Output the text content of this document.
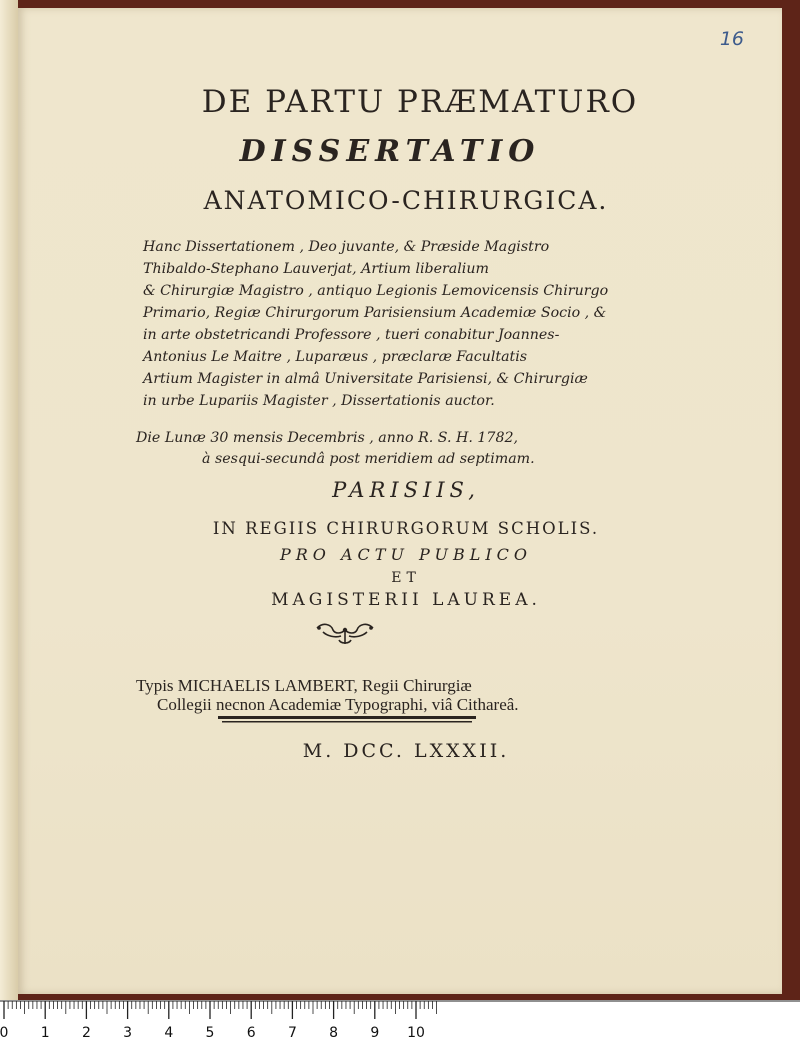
16
DE PARTU PRÆMATURO
DISSERTATIO
ANATOMICO-CHIRURGICA.
Hanc Dissertationem , Deo juvante, & Præside Magistro
Thibaldo-Stephano Lauverjat, Artium liberalium
& Chirurgiæ Magistro , antiquo Legionis Lemovicensis Chirurgo
Primario, Regiæ Chirurgorum Parisiensium Academiæ Socio , &
in arte obstetricandi Professore , tueri conabitur Joannes-
Antonius Le Maitre , Luparæus , præclaræ Facultatis
Artium Magister in almâ Universitate Parisiensi, & Chirurgiæ
in urbe Lupariis Magister , Dissertationis auctor.
Die Lunæ 30 mensis Decembris , anno R. S. H. 1782,
à sesqui-secundâ post meridiem ad septimam.
PARISIIS,
IN REGIIS CHIRURGORUM SCHOLIS.
PRO ACTU PUBLICO
ET
MAGISTERII LAUREA.
Typis MICHAELIS LAMBERT, Regii Chirurgiæ
Collegii necnon Academiæ Typographi, viâ Cithareâ.
M. DCC. LXXXII.
0 1 2 3 4 5 6 7 8 9 10
